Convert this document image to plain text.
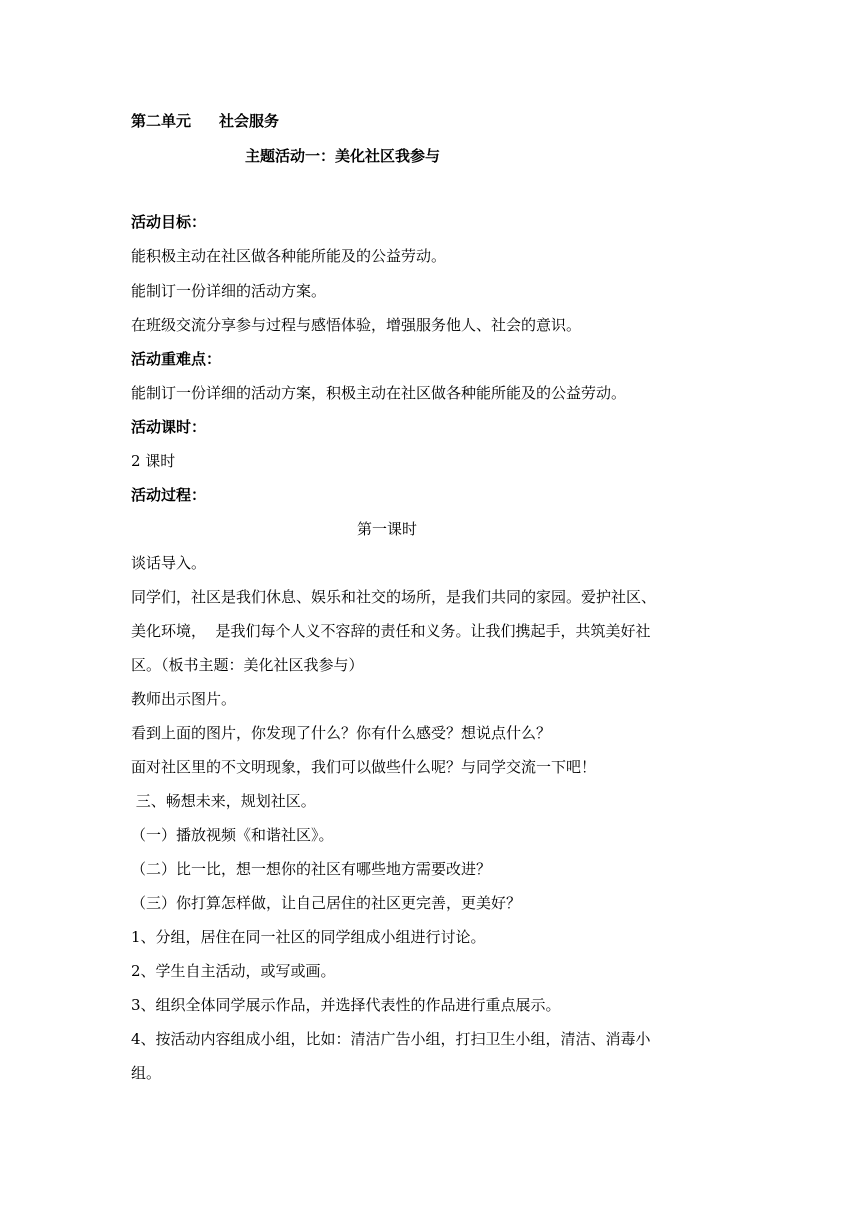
第二单元 社会服务
主题活动一：美化社区我参与
活动目标：
能积极主动在社区做各种能所能及的公益劳动。
能制订一份详细的活动方案。
在班级交流分享参与过程与感悟体验，增强服务他人、社会的意识。
活动重难点：
能制订一份详细的活动方案，积极主动在社区做各种能所能及的公益劳动。
活动课时：
2 课时
活动过程：
第一课时
谈话导入。
同学们，社区是我们休息、娱乐和社交的场所，是我们共同的家园。爱护社区、
美化环境，  是我们每个人义不容辞的责任和义务。让我们携起手，共筑美好社
区。（板书主题：美化社区我参与）
教师出示图片。
看到上面的图片，你发现了什么？你有什么感受？想说点什么？
面对社区里的不文明现象，我们可以做些什么呢？与同学交流一下吧！
三、畅想未来，规划社区。
（一）播放视频《和谐社区》。
（二）比一比，想一想你的社区有哪些地方需要改进？
（三）你打算怎样做，让自己居住的社区更完善，更美好？
1、分组，居住在同一社区的同学组成小组进行讨论。
2、学生自主活动，或写或画。
3、组织全体同学展示作品，并选择代表性的作品进行重点展示。
4、按活动内容组成小组，比如：清洁广告小组，打扫卫生小组，清洁、消毒小
组。
